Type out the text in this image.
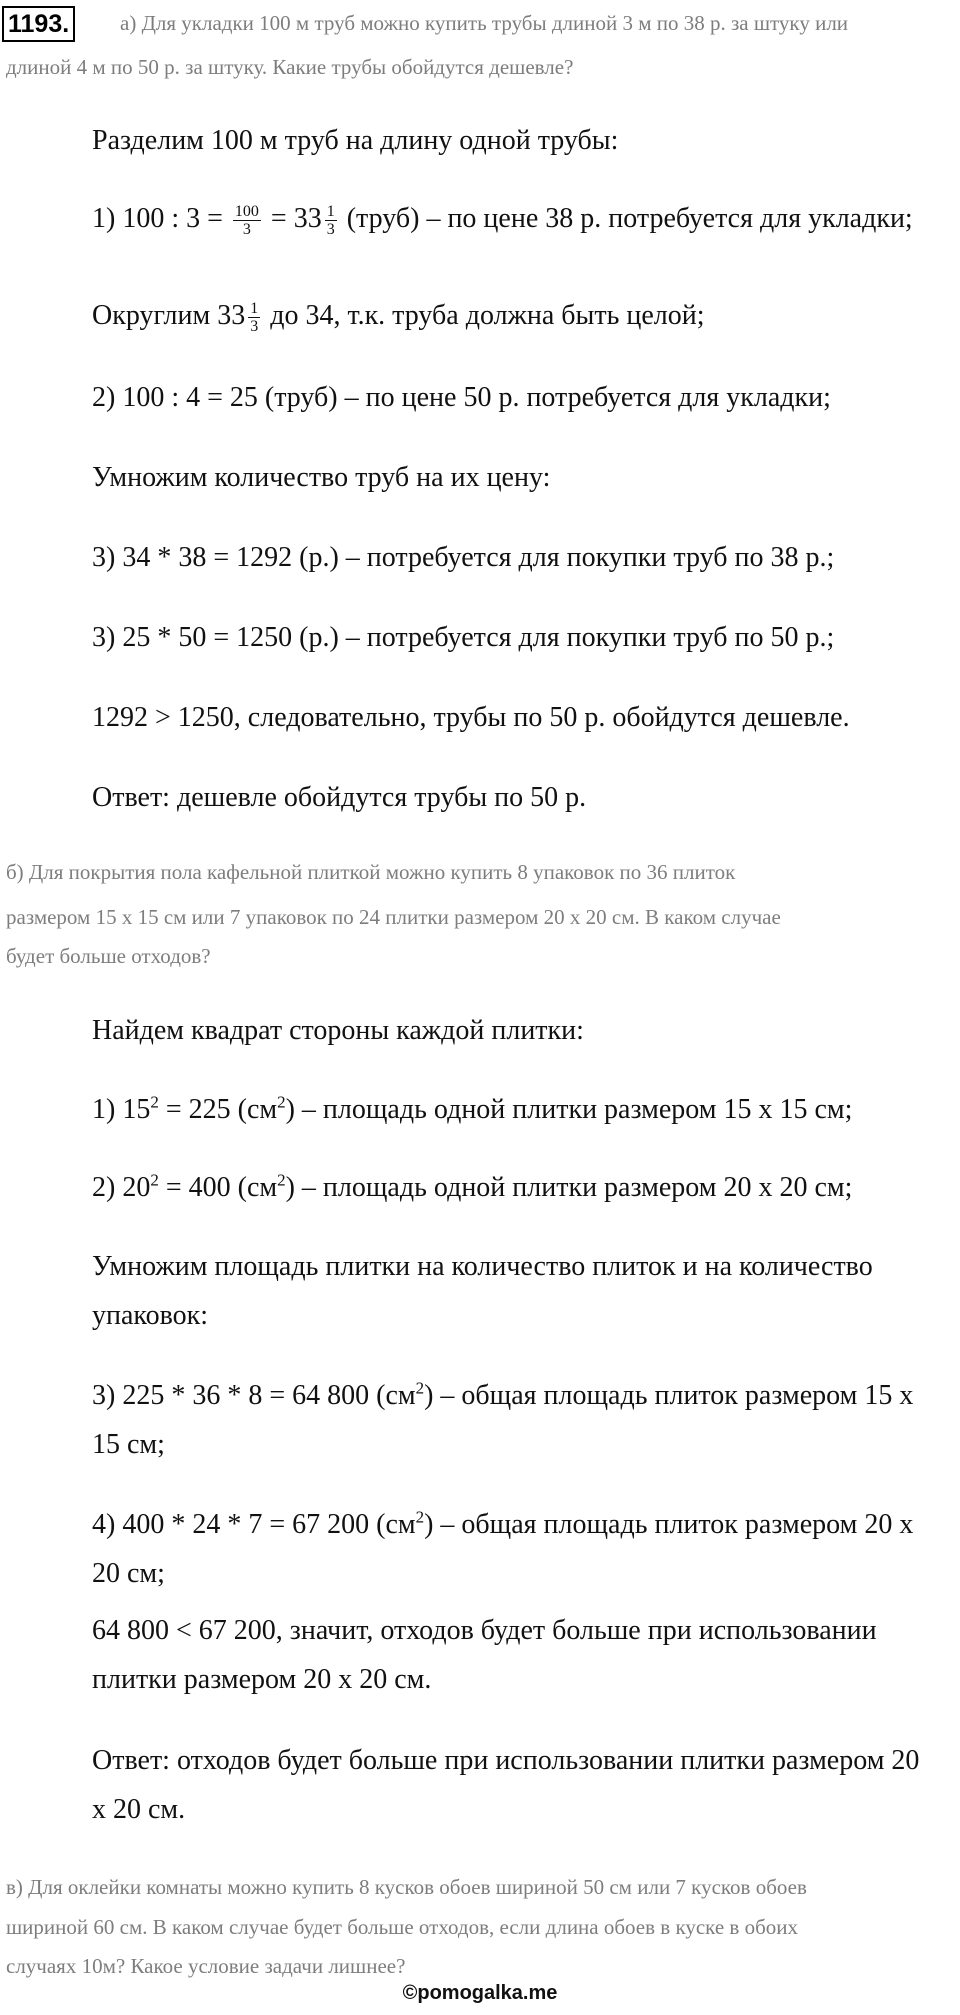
1193. а) Для укладки 100 м труб можно купить трубы длиной 3 м по 38 р. за штуку или
длиной 4 м по 50 р. за штуку. Какие трубы обойдутся дешевле?
Разделим 100 м труб на длину одной трубы:
1) 100 : $3 = \frac{100}{3} = 33 \frac{1}{3}$ (труб) – по цене 38 р. потребуется для укладки;
Округлим $33 \frac{1}{3}$ до 34, т.к. труба должна быть целой;
2) 100 : 4 = 25 (труб) – по цене 50 р. потребуется для укладки;
Умножим количество труб на их цену:
3) 34 * 38 = 1292 (р.) – потребуется для покупки труб по 38 р.;
3) 25 * 50 = 1250 (р.) – потребуется для покупки труб по 50 р.;
1292 > 1250, следовательно, трубы по 50 р. обойдутся дешевле.
Ответ: дешевле обойдутся трубы по 50 р.
б) Для покрытия пола кафельной плиткой можно купить 8 упаковок по 36 плиток
размером 15 х 15 см или 7 упаковок по 24 плитки размером 20 х 20 см. В каком случае
будет больше отходов?
Найдем квадрат стороны каждой плитки:
1) $15^2 = 225$ $(см^2)$ – площадь одной плитки размером 15 х 15 см;
2) $20^2 = 400$ $(см^2)$ – площадь одной плитки размером 20 х 20 см;
Умножим площадь плитки на количество плиток и на количество
упаковок:
3) 225 * 36 * 8 = 64 800 $(см^2)$ – общая площадь плиток размером 15 х
15 см;
4) 400 * 24 * 7 = 67 200 $(см^2)$ – общая площадь плиток размером 20 х
20 см;
64 800 < 67 200, значит, отходов будет больше при использовании
плитки размером 20 х 20 см.
Ответ: отходов будет больше при использовании плитки размером 20
х 20 см.
в) Для оклейки комнаты можно купить 8 кусков обоев шириной 50 см или 7 кусков обоев
шириной 60 см. В каком случае будет больше отходов, если длина обоев в куске в обоих
случаях 10м? Какое условие задачи лишнее?
©pomogalka.me
